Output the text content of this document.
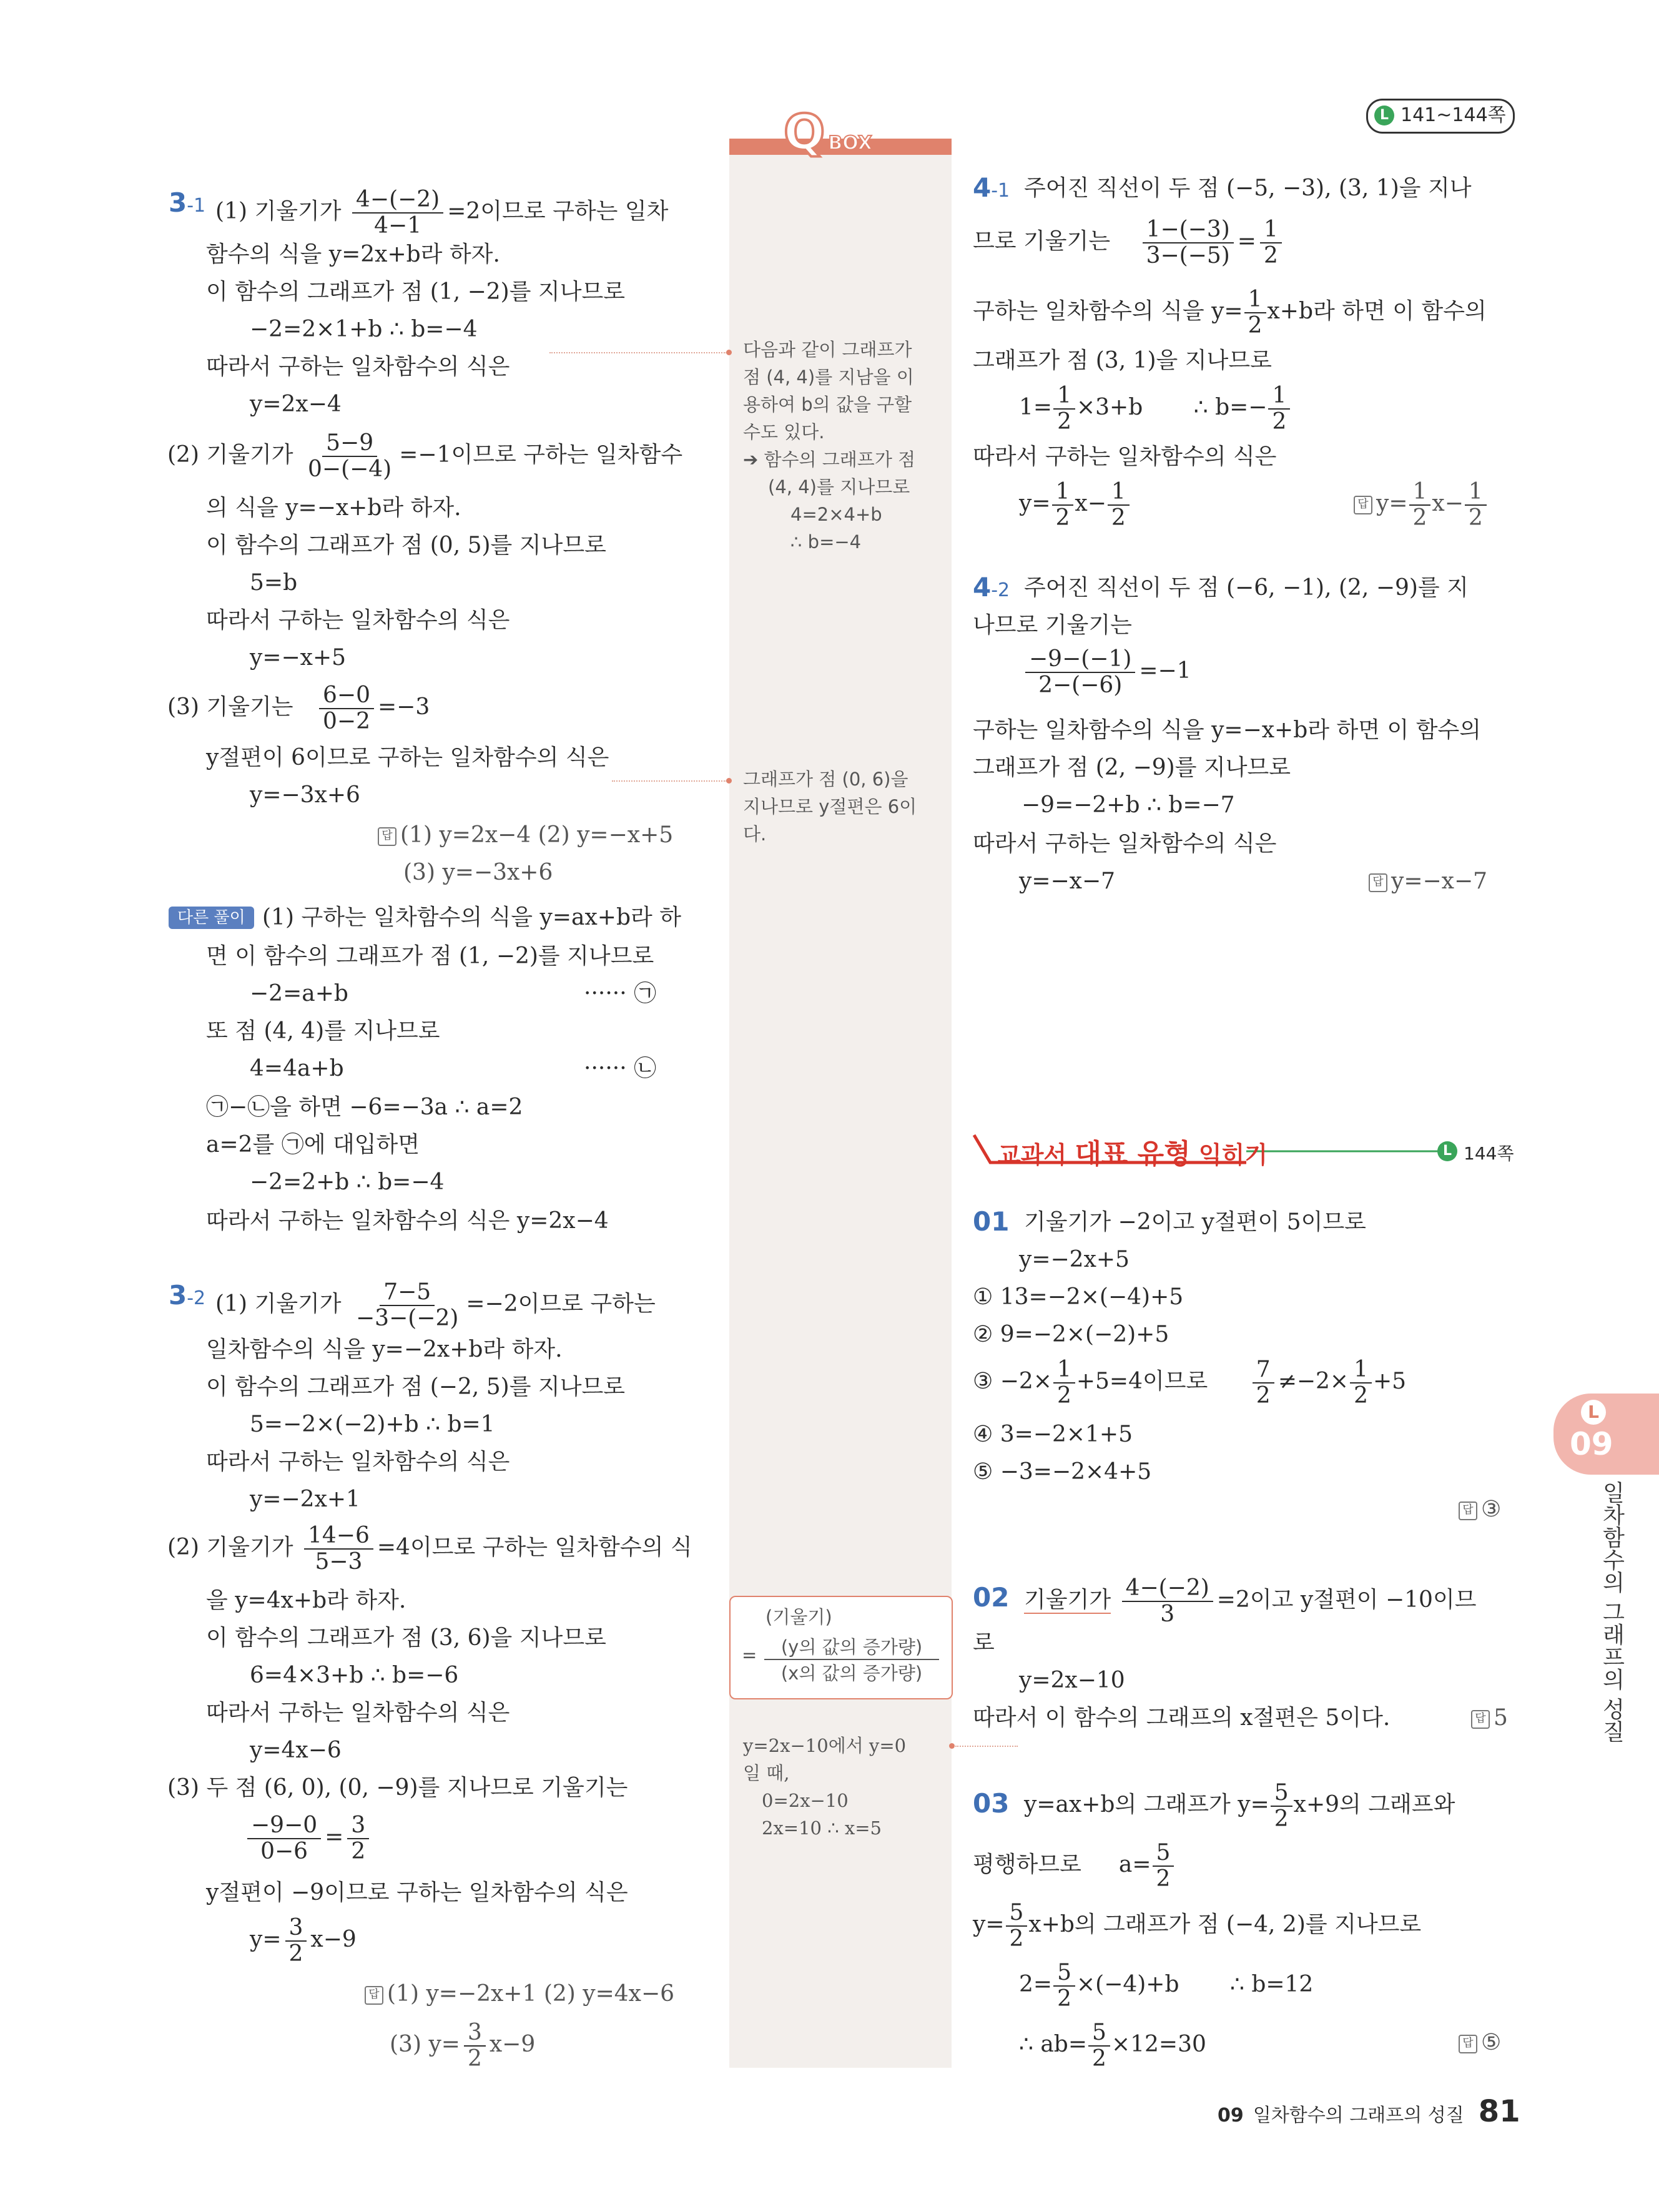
L 141~144쪽
Q BOX
다음과 같이 그래프가
점 (4, 4)를 지남을 이
용하여 b의 값을 구할
수도 있다.
➔ 함수의 그래프가 점
(4, 4)를 지나므로
4=2×4+b
∴ b=−4
그래프가 점 (0, 6)을
지나므로 y절편은 6이
다.
(기울기)
=	(y의 값의 증가량)
(x의 값의 증가량)
y=2x−10에서 y=0
일 때,
0=2x−10
2x=10 ∴ x=5
3-1 (1) 기울기가 $\frac{4-(-2)}{4-1} =2$이므로 구하는 일차
함수의 식을 y=2x+b라 하자.
이 함수의 그래프가 점 (1, −2)를 지나므로
−2=2×1+b ∴ b=−4
따라서 구하는 일차함수의 식은
y=2x−4
(2) 기울기가 $\frac{5-9}{0-(-4)} =-1$이므로 구하는 일차함수
의 식을 y=−x+b라 하자.
이 함수의 그래프가 점 (0, 5)를 지나므로
5=b
따라서 구하는 일차함수의 식은
y=−x+5
(3) 기울기는 $\frac{6-0}{0-2} =-3$
y절편이 6이므로 구하는 일차함수의 식은
y=−3x+6
답 (1) y=2x−4 (2) y=−x+5
(3) y=−3x+6
다른 풀이 (1) 구하는 일차함수의 식을 y=ax+b라 하
면 이 함수의 그래프가 점 (1, −2)를 지나므로
−2=a+b	······ ㉠
또 점 (4, 4)를 지나므로
4=4a+b	······ ㉡
㉠−㉡을 하면 −6=−3a ∴ a=2
a=2를 ㉠에 대입하면
−2=2+b ∴ b=−4
따라서 구하는 일차함수의 식은 y=2x−4
3-2 (1) 기울기가 $\frac{7-5}{-3-(-2)} =-2$이므로 구하는
일차함수의 식을 y=−2x+b라 하자.
이 함수의 그래프가 점 (−2, 5)를 지나므로
5=−2×(−2)+b ∴ b=1
따라서 구하는 일차함수의 식은
y=−2x+1
(2) 기울기가 $\frac{14-6}{5-3} =4$이므로 구하는 일차함수의 식
을 y=4x+b라 하자.
이 함수의 그래프가 점 (3, 6)을 지나므로
6=4×3+b ∴ b=−6
따라서 구하는 일차함수의 식은
y=4x−6
(3) 두 점 (6, 0), (0, −9)를 지나므로 기울기는
$\frac{-9-0}{0-6} = \frac{3}{2}$
y절편이 −9이므로 구하는 일차함수의 식은
$y= \frac{3}{2} x-9$
답 (1) y=−2x+1 (2) y=4x−6
(3) $y= \frac{3}{2} x-9$
4-1 주어진 직선이 두 점 (−5, −3), (3, 1)을 지나
므로 기울기는 $\frac{1-(-3)}{3-(-5)} = \frac{1}{2}$
구하는 일차함수의 식을 $y= \frac{1}{2} x+b$라 하면 이 함수의
그래프가 점 (3, 1)을 지나므로
$1= \frac{1}{2} \times 3+b$ ∴ $b=- \frac{1}{2}$
따라서 구하는 일차함수의 식은
$y= \frac{1}{2} x- \frac{1}{2}$	답 $y= \frac{1}{2} x- \frac{1}{2}$
4-2 주어진 직선이 두 점 (−6, −1), (2, −9)를 지
나므로 기울기는
$\frac{-9-(-1)}{2-(-6)} =-1$
구하는 일차함수의 식을 y=−x+b라 하면 이 함수의
그래프가 점 (2, −9)를 지나므로
−9=−2+b ∴ b=−7
따라서 구하는 일차함수의 식은
y=−x−7	답 y=−x−7
교과서 대표 유형 익히기	L 144쪽
01 기울기가 −2이고 y절편이 5이므로
y=−2x+5
① 13=−2×(−4)+5
② 9=−2×(−2)+5
③ $-2\times \frac{1}{2} +5=4$이므로 $\frac{7}{2} \ne-2\times \frac{1}{2} +5$
④ 3=−2×1+5
⑤ −3=−2×4+5
답 ③
02 기울기가 $\frac{4-(-2)}{3} =2$이고 y절편이 −10이므
로
y=2x−10
따라서 이 함수의 그래프의 x절편은 5이다.	답 5
03 y=ax+b의 그래프가 $y= \frac{5}{2} x+9$의 그래프와
평행하므로 $a= \frac{5}{2}$
$y= \frac{5}{2} x+b$의 그래프가 점 (−4, 2)를 지나므로
$2= \frac{5}{2} \times(-4)+b$ ∴ b=12
∴ $ab= \frac{5}{2} \times 12=30$	답 ⑤
L
09
일차함수의 그래프의 성질
09 일차함수의 그래프의 성질 81
